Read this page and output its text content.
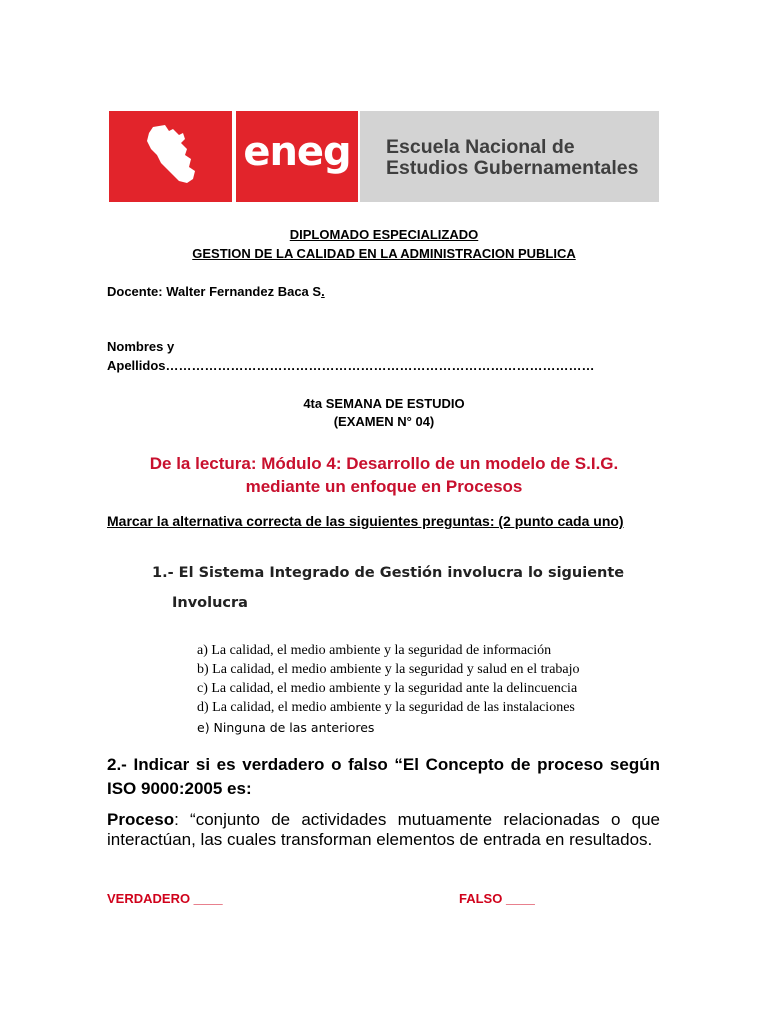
eneg	Escuela Nacional de
Estudios Gubernamentales
DIPLOMADO ESPECIALIZADO
GESTION DE LA CALIDAD EN LA ADMINISTRACION PUBLICA
Docente: Walter Fernandez Baca S.
Nombres y
Apellidos………………………………………………………………………………………
4ta SEMANA DE ESTUDIO
(EXAMEN N° 04)
De la lectura: Módulo 4: Desarrollo de un modelo de S.I.G.
mediante un enfoque en Procesos
Marcar la alternativa correcta de las siguientes preguntas: (2 punto cada uno)
1.- El Sistema Integrado de Gestión involucra lo siguiente
Involucra
a) La calidad, el medio ambiente y la seguridad de información
b) La calidad, el medio ambiente y la seguridad y salud en el trabajo
c) La calidad, el medio ambiente y la seguridad ante la delincuencia
d) La calidad, el medio ambiente y la seguridad de las instalaciones
e) Ninguna de las anteriores
2.- Indicar si es verdadero o falso “El Concepto de proceso según ISO 9000:2005 es:
Proceso: “conjunto de actividades mutuamente relacionadas o que interactúan, las cuales transforman elementos de entrada en resultados.
VERDADERO ____	FALSO ____
